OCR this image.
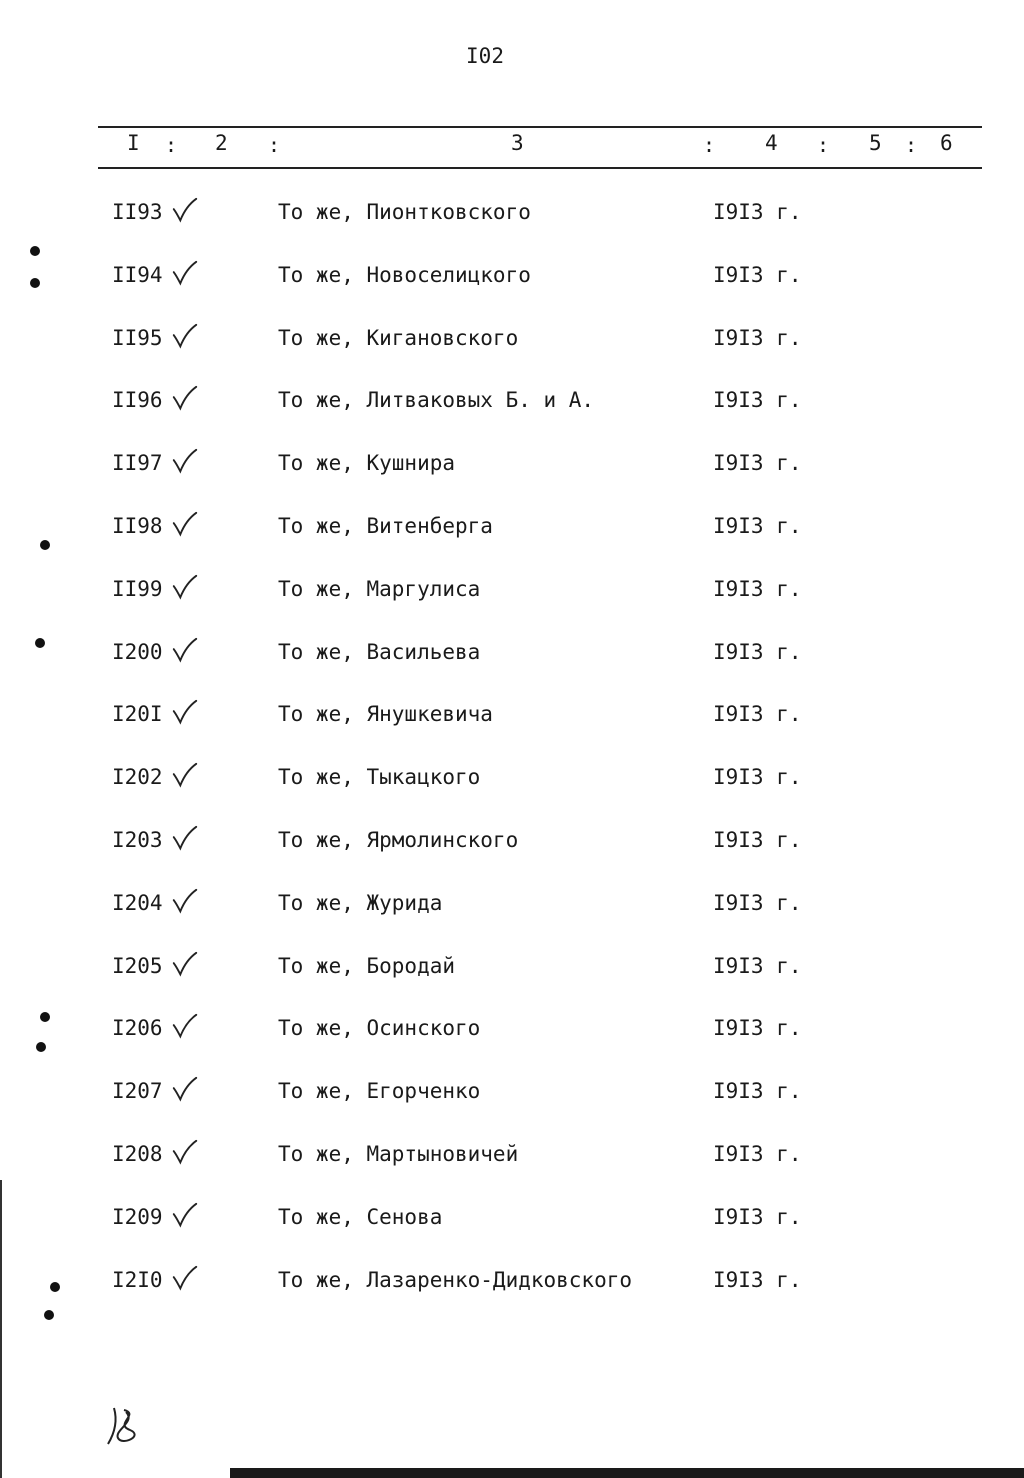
I02
I : 2 :	3	: 4 : 5 : 6
II93	То же, Пионтковского	I9I3 г.
II94	То же, Новоселицкого	I9I3 г.
II95	То же, Кигановского	I9I3 г.
II96	То же, Литваковых Б. и А.	I9I3 г.
II97	То же, Кушнира	I9I3 г.
II98	То же, Витенберга	I9I3 г.
II99	То же, Маргулиса	I9I3 г.
I200	То же, Васильева	I9I3 г.
I20I	То же, Янушкевича	I9I3 г.
I202	То же, Тыкацкого	I9I3 г.
I203	То же, Ярмолинского	I9I3 г.
I204	То же, Журида	I9I3 г.
I205	То же, Бородай	I9I3 г.
I206	То же, Осинского	I9I3 г.
I207	То же, Егорченко	I9I3 г.
I208	То же, Мартыновичей	I9I3 г.
I209	То же, Сенова	I9I3 г.
I2I0	То же, Лазаренко-Дидковского	I9I3 г.
